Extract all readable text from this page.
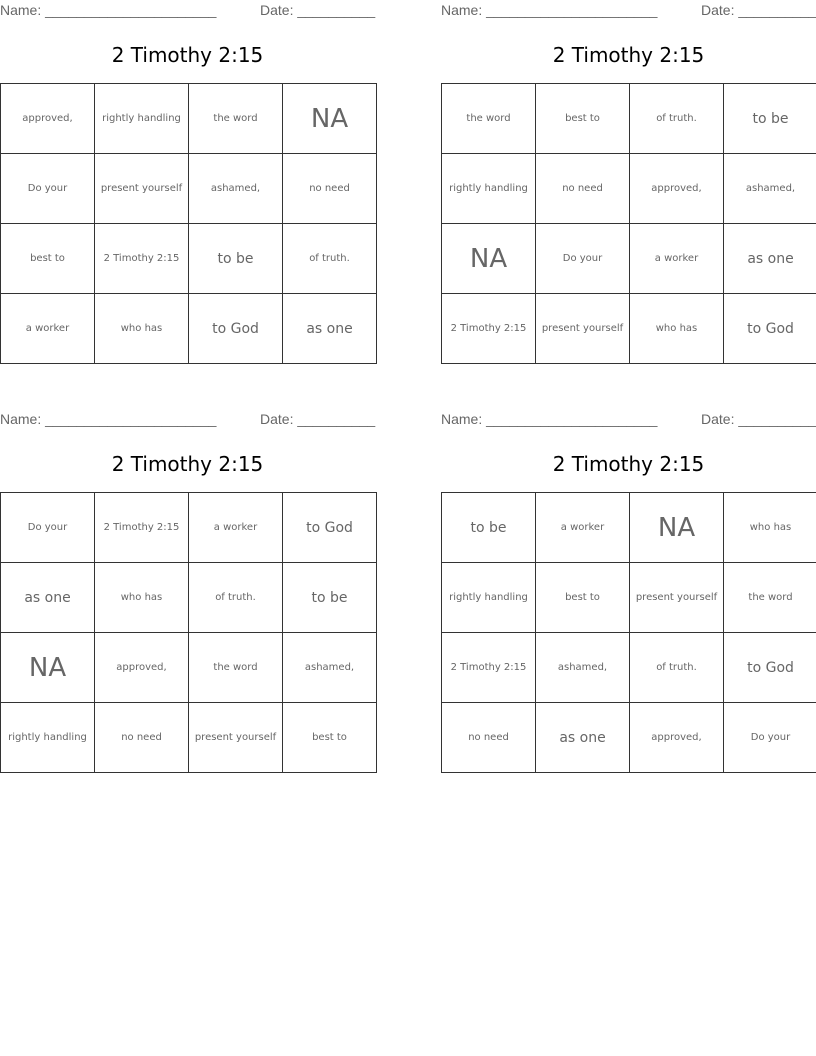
Name: ______________________	Date: __________
2 Timothy 2:15
approved,	rightly handling	the word	NA
Do your	present yourself	ashamed,	no need
best to	2 Timothy 2:15	to be	of truth.
a worker	who has	to God	as one
Name: ______________________	Date: __________
2 Timothy 2:15
the word	best to	of truth.	to be
rightly handling	no need	approved,	ashamed,
NA	Do your	a worker	as one
2 Timothy 2:15	present yourself	who has	to God
Name: ______________________	Date: __________
2 Timothy 2:15
Do your	2 Timothy 2:15	a worker	to God
as one	who has	of truth.	to be
NA	approved,	the word	ashamed,
rightly handling	no need	present yourself	best to
Name: ______________________	Date: __________
2 Timothy 2:15
to be	a worker	NA	who has
rightly handling	best to	present yourself	the word
2 Timothy 2:15	ashamed,	of truth.	to God
no need	as one	approved,	Do your
